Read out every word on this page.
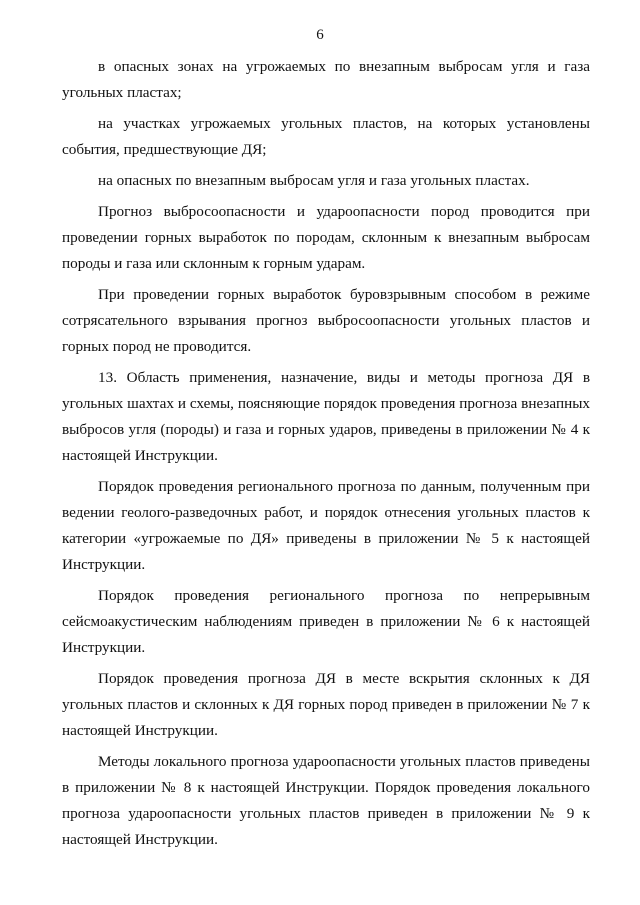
6

в опасных зонах на угрожаемых по внезапным выбросам угля и газа угольных пластах;

на участках угрожаемых угольных пластов, на которых установлены события, предшествующие ДЯ;

на опасных по внезапным выбросам угля и газа угольных пластах.

Прогноз выбросоопасности и удароопасности пород проводится при проведении горных выработок по породам, склонным к внезапным выбросам породы и газа или склонным к горным ударам.

При проведении горных выработок буровзрывным способом в режиме сотрясательного взрывания прогноз выбросоопасности угольных пластов и горных пород не проводится.

13. Область применения, назначение, виды и методы прогноза ДЯ в угольных шахтах и схемы, поясняющие порядок проведения прогноза внезапных выбросов угля (породы) и газа и горных ударов, приведены в приложении № 4 к настоящей Инструкции.

Порядок проведения регионального прогноза по данным, полученным при ведении геолого-разведочных работ, и порядок отнесения угольных пластов к категории «угрожаемые по ДЯ» приведены в приложении № 5 к настоящей Инструкции.

Порядок проведения регионального прогноза по непрерывным сейсмоакустическим наблюдениям приведен в приложении № 6 к настоящей Инструкции.

Порядок проведения прогноза ДЯ в месте вскрытия склонных к ДЯ угольных пластов и склонных к ДЯ горных пород приведен в приложении № 7 к настоящей Инструкции.

Методы локального прогноза удароопасности угольных пластов приведены в приложении № 8 к настоящей Инструкции. Порядок проведения локального прогноза удароопасности угольных пластов приведен в приложении № 9 к настоящей Инструкции.
